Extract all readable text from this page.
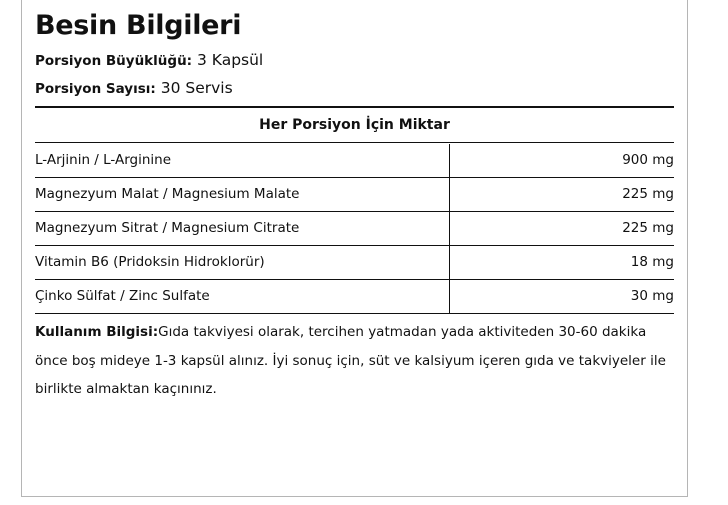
Besin Bilgileri
Porsiyon Büyüklüğü: 3 Kapsül
Porsiyon Sayısı: 30 Servis
Her Porsiyon İçin Miktar
L-Arjinin / L-Arginine	900 mg
Magnezyum Malat / Magnesium Malate	225 mg
Magnezyum Sitrat / Magnesium Citrate	225 mg
Vitamin B6 (Pridoksin Hidroklorür)	18 mg
Çinko Sülfat / Zinc Sulfate	30 mg

Kullanım Bilgisi:Gıda takviyesi olarak, tercihen yatmadan yada aktiviteden 30-60 dakika önce boş mideye 1-3 kapsül alınız. İyi sonuç için, süt ve kalsiyum içeren gıda ve takviyeler ile birlikte almaktan kaçınınız.
